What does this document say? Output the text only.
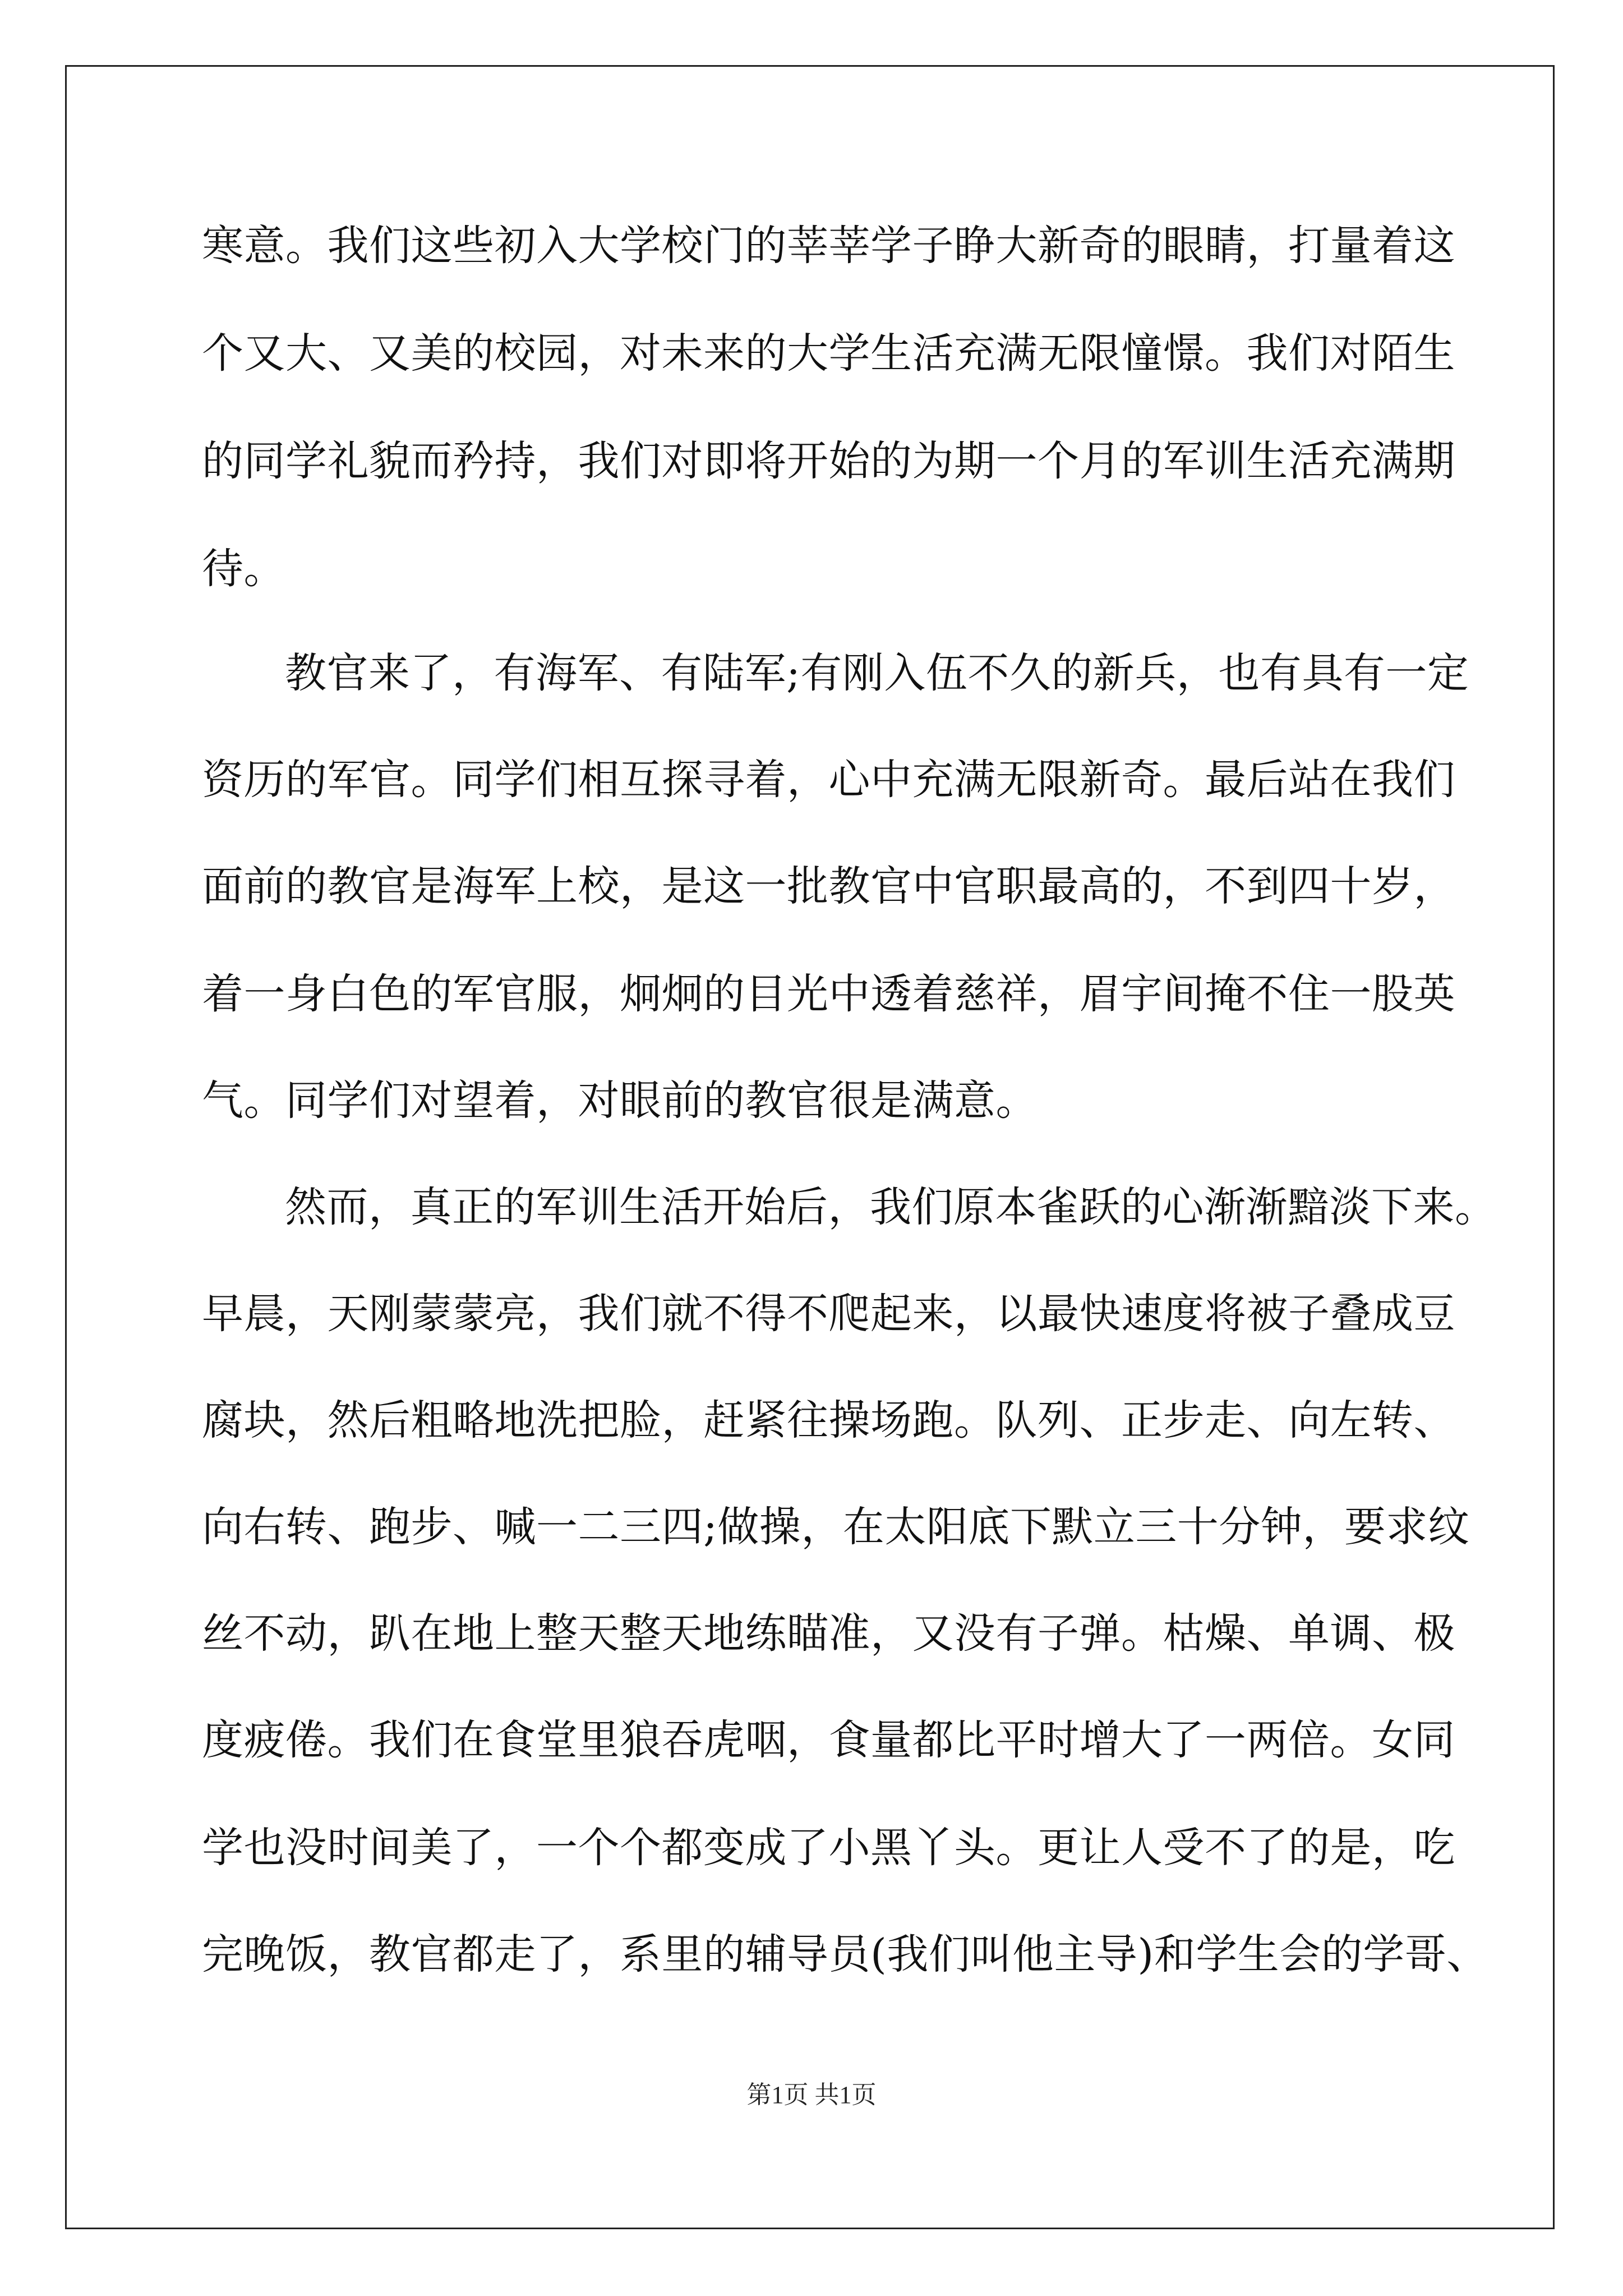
寒意。我们这些初入大学校门的莘莘学子睁大新奇的眼睛，打量着这
个又大、又美的校园，对未来的大学生活充满无限憧憬。我们对陌生
的同学礼貌而矜持，我们对即将开始的为期一个月的军训生活充满期
待。
教官来了，有海军、有陆军;有刚入伍不久的新兵，也有具有一定
资历的军官。同学们相互探寻着，心中充满无限新奇。最后站在我们
面前的教官是海军上校，是这一批教官中官职最高的，不到四十岁，
着一身白色的军官服，炯炯的目光中透着慈祥，眉宇间掩不住一股英
气。同学们对望着，对眼前的教官很是满意。
然而，真正的军训生活开始后，我们原本雀跃的心渐渐黯淡下来。
早晨，天刚蒙蒙亮，我们就不得不爬起来，以最快速度将被子叠成豆
腐块，然后粗略地洗把脸，赶紧往操场跑。队列、正步走、向左转、
向右转、跑步、喊一二三四;做操，在太阳底下默立三十分钟，要求纹
丝不动，趴在地上整天整天地练瞄准，又没有子弹。枯燥、单调、极
度疲倦。我们在食堂里狼吞虎咽，食量都比平时增大了一两倍。女同
学也没时间美了，一个个都变成了小黑丫头。更让人受不了的是，吃
完晚饭，教官都走了，系里的辅导员(我们叫他主导)和学生会的学哥、
第1页 共1页
